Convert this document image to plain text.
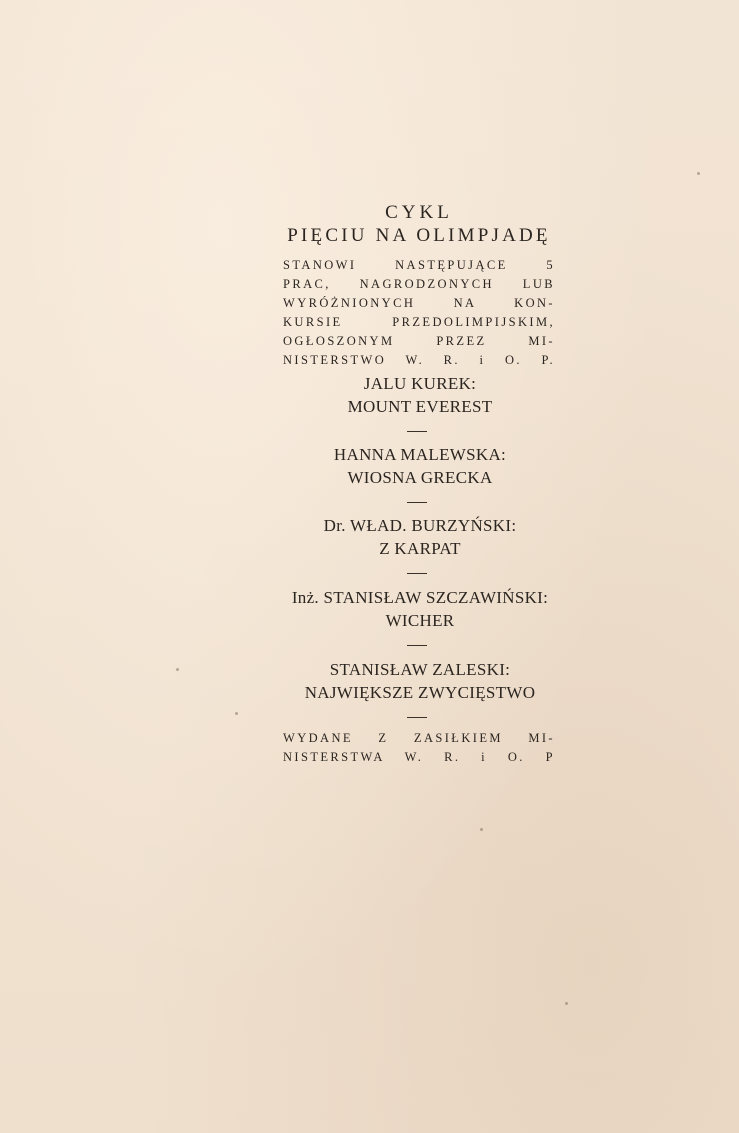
CYKL
PIĘCIU NA OLIMPJADĘ
STANOWI NASTĘPUJĄCE 5
PRAC, NAGRODZONYCH LUB
WYRÓŻNIONYCH NA KON-
KURSIE PRZEDOLIMPIJSKIM,
OGŁOSZONYM PRZEZ MI-
NISTERSTWO W. R. i O. P.
JALU KUREK:
MOUNT EVEREST
HANNA MALEWSKA:
WIOSNA GRECKA
Dr. WŁAD. BURZYŃSKI:
Z KARPAT
Inż. STANISŁAW SZCZAWIŃSKI:
WICHER
STANISŁAW ZALESKI:
NAJWIĘKSZE ZWYCIĘSTWO
WYDANE Z ZASIŁKIEM MI-
NISTERSTWA W. R. i O. P
